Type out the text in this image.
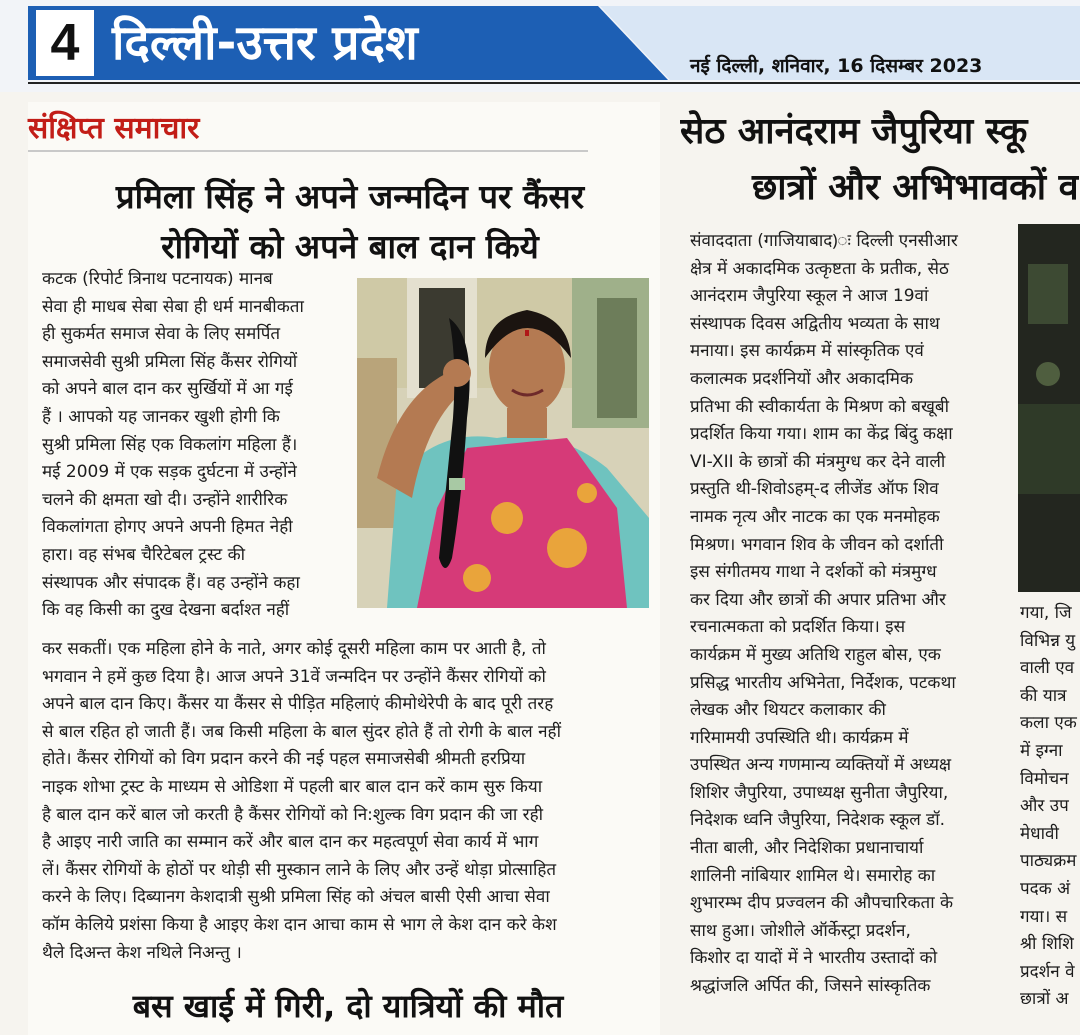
4 दिल्ली-उत्तर प्रदेश	नई दिल्ली, शनिवार, 16 दिसम्बर 2023
संक्षिप्त समाचार
प्रमिला सिंह ने अपने जन्मदिन पर कैंसर
रोगियों को अपने बाल दान किये
कटक (रिपोर्ट त्रिनाथ पटनायक) मानब
सेवा ही माधब सेबा सेबा ही धर्म मानबीकता
ही सुकर्मत समाज सेवा के लिए समर्पित
समाजसेवी सुश्री प्रमिला सिंह कैंसर रोगियों
को अपने बाल दान कर सुर्खियों में आ गई
हैं । आपको यह जानकर खुशी होगी कि
सुश्री प्रमिला सिंह एक विकलांग महिला हैं।
मई 2009 में एक सड़क दुर्घटना में उन्होंने
चलने की क्षमता खो दी। उन्होंने शारीरिक
विकलांगता होगए अपने अपनी हिमत नेही
हारा। वह संभब चैरिटेबल ट्रस्ट की
संस्थापक और संपादक हैं। वह उन्होंने कहा
कि वह किसी का दुख देखना बर्दाश्त नहीं
कर सकतीं। एक महिला होने के नाते, अगर कोई दूसरी महिला काम पर आती है, तो
भगवान ने हमें कुछ दिया है। आज अपने 31वें जन्मदिन पर उन्होंने कैंसर रोगियों को
अपने बाल दान किए। कैंसर या कैंसर से पीड़ित महिलाएं कीमोथेरेपी के बाद पूरी तरह
से बाल रहित हो जाती हैं। जब किसी महिला के बाल सुंदर होते हैं तो रोगी के बाल नहीं
होते। कैंसर रोगियों को विग प्रदान करने की नई पहल समाजसेबी श्रीमती हरप्रिया
नाइक शोभा ट्रस्ट के माध्यम से ओडिशा में पहली बार बाल दान करें काम सुरु किया
है बाल दान करें बाल जो करती है कैंसर रोगियों को नि:शुल्क विग प्रदान की जा रही
है आइए नारी जाति का सम्मान करें और बाल दान कर महत्वपूर्ण सेवा कार्य में भाग
लें। कैंसर रोगियों के होठों पर थोड़ी सी मुस्कान लाने के लिए और उन्हें थोड़ा प्रोत्साहित
करने के लिए। दिब्यानग केशदात्री सुश्री प्रमिला सिंह को अंचल बासी ऐसी आचा सेवा
कॉम केलिये प्रशंसा किया है आइए केश दान आचा काम से भाग ले केश दान करे केश
थैले दिअन्त केश नथिले निअन्तु ।
बस खाई में गिरी, दो यात्रियों की मौत
सेठ आनंदराम जैपुरिया स्कू
छात्रों और अभिभावकों व
संवाददाता (गाजियाबाद)ः दिल्ली एनसीआर
क्षेत्र में अकादमिक उत्कृष्टता के प्रतीक, सेठ
आनंदराम जैपुरिया स्कूल ने आज 19वां
संस्थापक दिवस अद्वितीय भव्यता के साथ
मनाया। इस कार्यक्रम में सांस्कृतिक एवं
कलात्मक प्रदर्शनियों और अकादमिक
प्रतिभा की स्वीकार्यता के मिश्रण को बखूबी
प्रदर्शित किया गया। शाम का केंद्र बिंदु कक्षा
VI-XII के छात्रों की मंत्रमुग्ध कर देने वाली
प्रस्तुति थी-शिवोऽहम्-द लीजेंड ऑफ शिव
नामक नृत्य और नाटक का एक मनमोहक
मिश्रण। भगवान शिव के जीवन को दर्शाती
इस संगीतमय गाथा ने दर्शकों को मंत्रमुग्ध
कर दिया और छात्रों की अपार प्रतिभा और
रचनात्मकता को प्रदर्शित किया। इस
कार्यक्रम में मुख्य अतिथि राहुल बोस, एक
प्रसिद्ध भारतीय अभिनेता, निर्देशक, पटकथा
लेखक और थियटर कलाकार की
गरिमामयी उपस्थिति थी। कार्यक्रम में
उपस्थित अन्य गणमान्य व्यक्तियों में अध्यक्ष
शिशिर जैपुरिया, उपाध्यक्ष सुनीता जैपुरिया,
निदेशक ध्वनि जैपुरिया, निदेशक स्कूल डॉ.
नीता बाली, और निदेशिका प्रधानाचार्या
शालिनी नांबियार शामिल थे। समारोह का
शुभारम्भ दीप प्रज्वलन की औपचारिकता के
साथ हुआ। जोशीले ऑर्केस्ट्रा प्रदर्शन,
किशोर दा यादों में ने भारतीय उस्तादों को
श्रद्धांजलि अर्पित की, जिसने सांस्कृतिक
गया, जि
विभिन्न यु
वाली एव
की यात्र
कला एक
में इग्ना
विमोचन
और उप
मेधावी
पाठ्यक्रम
पदक अं
गया। स
श्री शिशि
प्रदर्शन वे
छात्रों अ
